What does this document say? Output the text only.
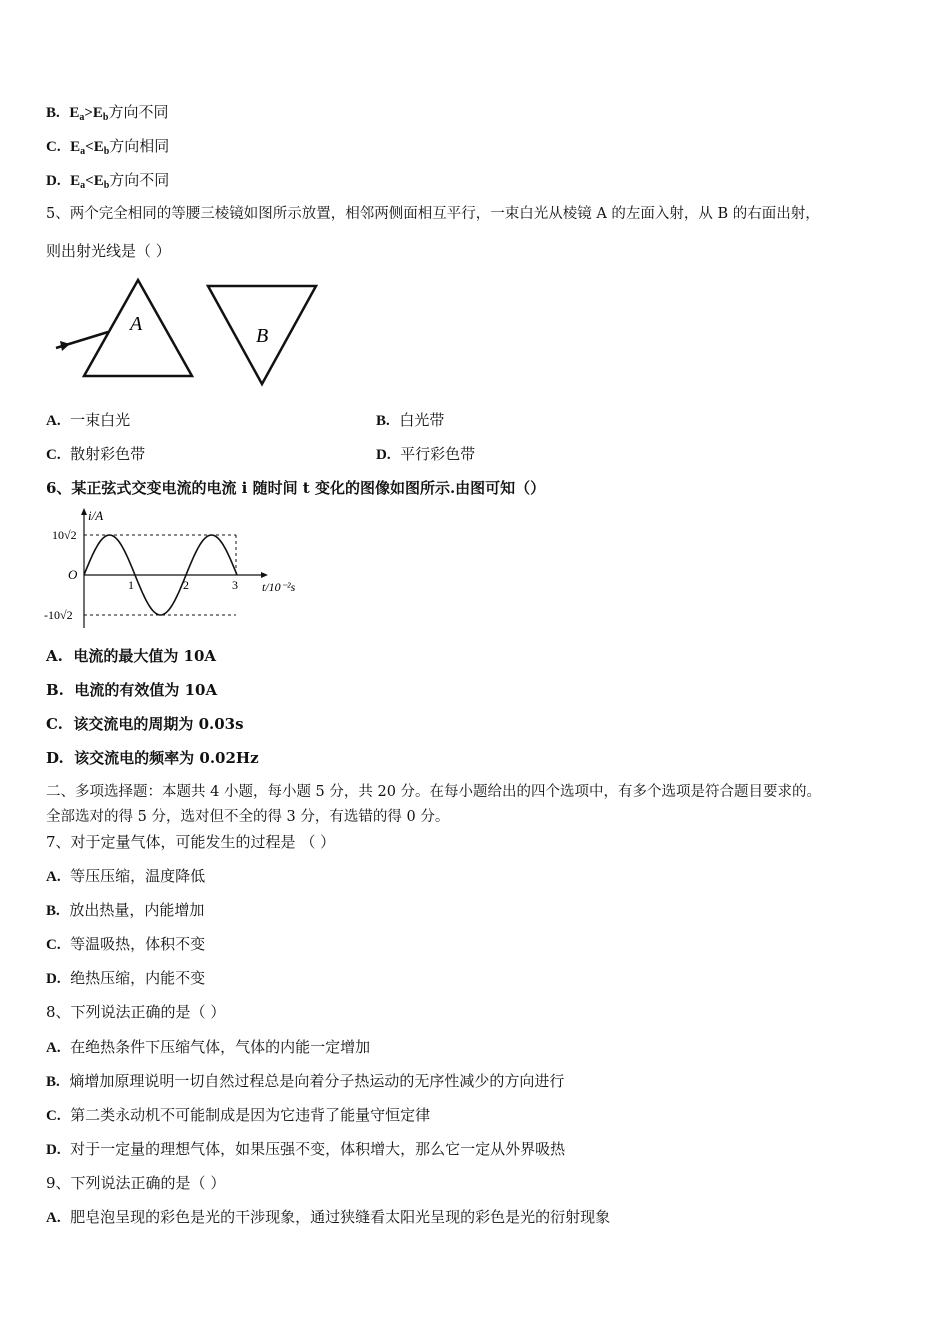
B. $E_a>E_b$方向不同
C. $E_a<E_b$方向相同
D. $E_a<E_b$方向不同
5、两个完全相同的等腰三棱镜如图所示放置，相邻两侧面相互平行，一束白光从棱镜 A 的左面入射，从 B 的右面出射，
则出射光线是（ ）
A
B
A. 一束白光	B. 白光带
C. 散射彩色带	D. 平行彩色带
6、某正弦式交变电流的电流 i 随时间 t 变化的图像如图所示.由图可知（）
i/A
10√2
-10√2
O
1	2	3 t/10⁻²s
A. 电流的最大值为 10A
B. 电流的有效值为 10A
C. 该交流电的周期为 0.03s
D. 该交流电的频率为 0.02Hz
二、多项选择题：本题共 4 小题，每小题 5 分，共 20 分。在每小题给出的四个选项中，有多个选项是符合题目要求的。
全部选对的得 5 分，选对但不全的得 3 分，有选错的得 0 分。
7、对于定量气体，可能发生的过程是 （ ）
A. 等压压缩，温度降低
B. 放出热量，内能增加
C. 等温吸热，体积不变
D. 绝热压缩，内能不变
8、下列说法正确的是（ ）
A. 在绝热条件下压缩气体，气体的内能一定增加
B. 熵增加原理说明一切自然过程总是向着分子热运动的无序性减少的方向进行
C. 第二类永动机不可能制成是因为它违背了能量守恒定律
D. 对于一定量的理想气体，如果压强不变，体积增大，那么它一定从外界吸热
9、下列说法正确的是（ ）
A. 肥皂泡呈现的彩色是光的干涉现象，通过狭缝看太阳光呈现的彩色是光的衍射现象
